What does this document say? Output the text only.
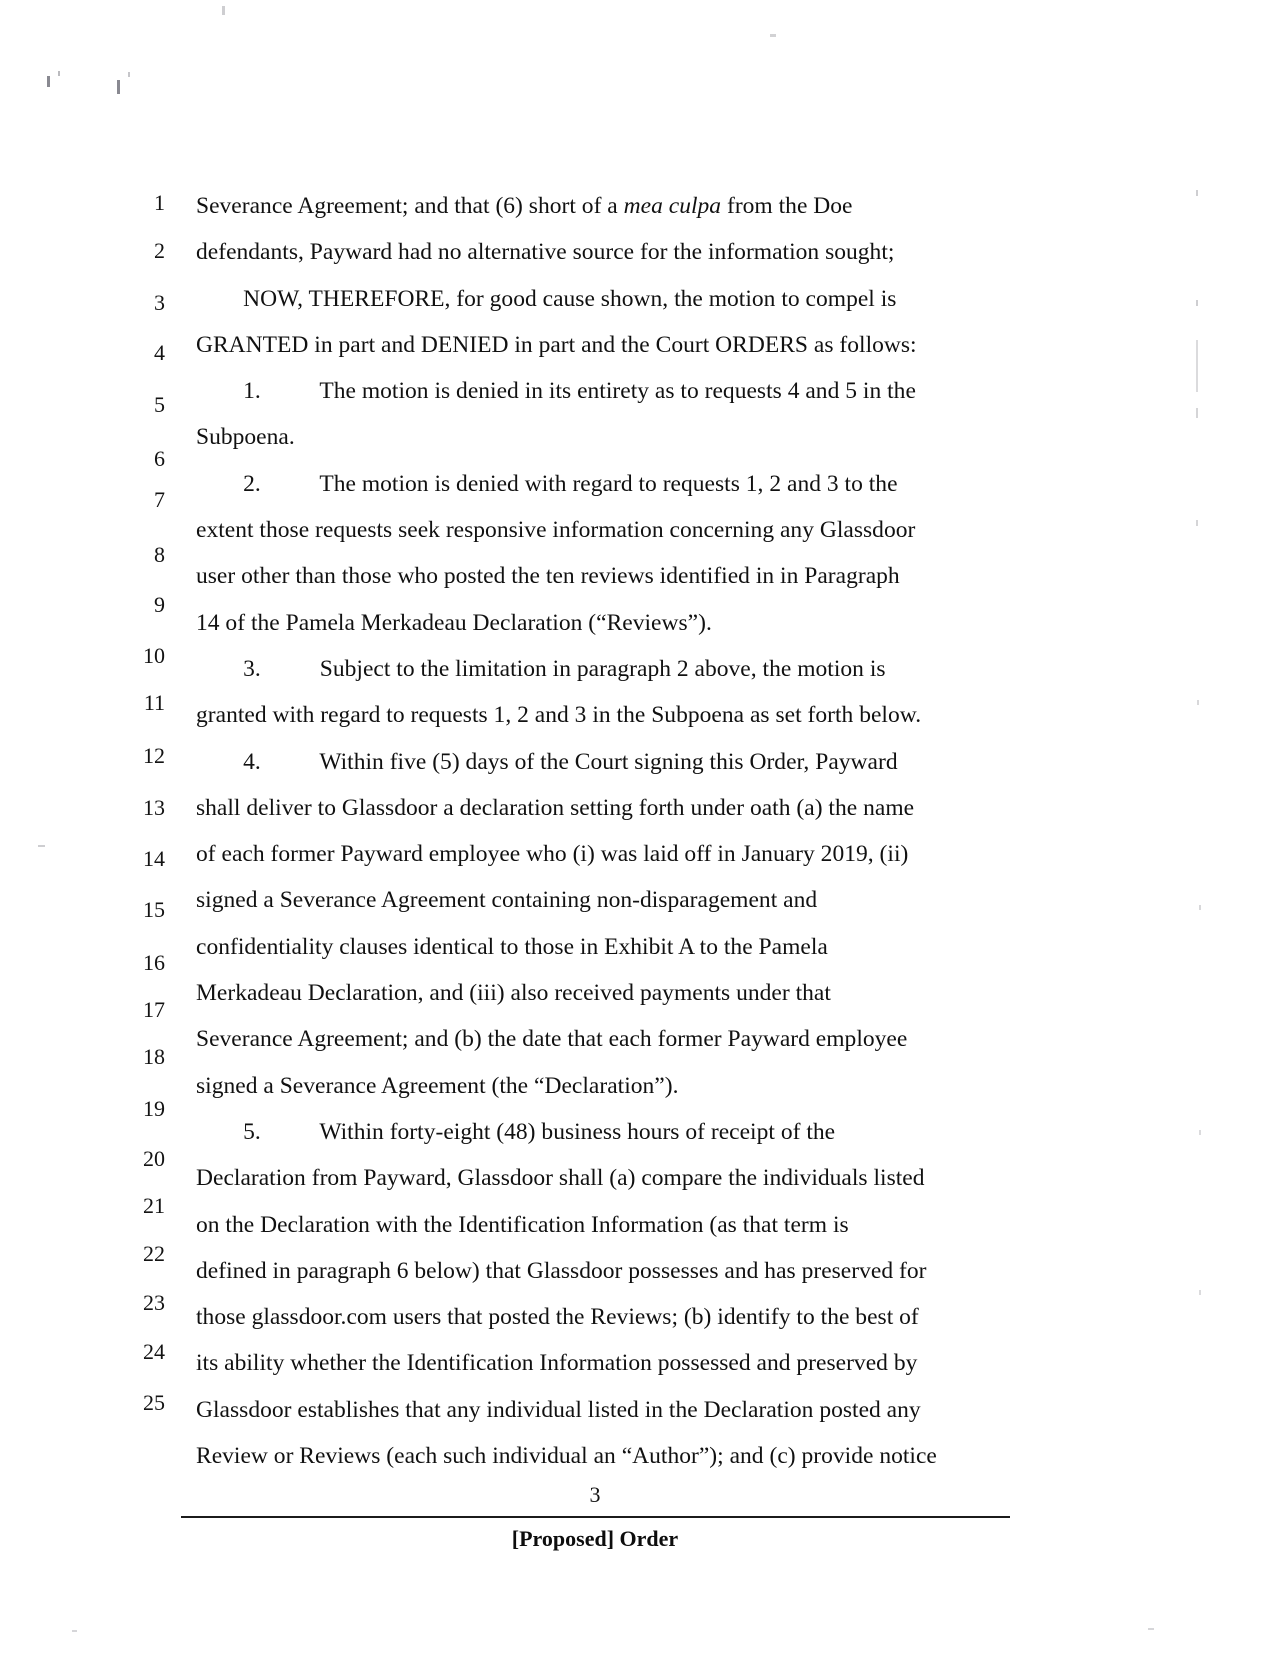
1
2
3
4
5
6
7
8
9
10
11
12
13
14
15
16
17
18
19
20
21
22
23
24
25
Severance Agreement; and that (6) short of a mea culpa from the Doe
defendants, Payward had no alternative source for the information sought;
NOW, THEREFORE, for good cause shown, the motion to compel is
GRANTED in part and DENIED in part and the Court ORDERS as follows:
1.          The motion is denied in its entirety as to requests 4 and 5 in the
Subpoena.
2.          The motion is denied with regard to requests 1, 2 and 3 to the
extent those requests seek responsive information concerning any Glassdoor
user other than those who posted the ten reviews identified in in Paragraph
14 of the Pamela Merkadeau Declaration (“Reviews”).
3.          Subject to the limitation in paragraph 2 above, the motion is
granted with regard to requests 1, 2 and 3 in the Subpoena as set forth below.
4.          Within five (5) days of the Court signing this Order, Payward
shall deliver to Glassdoor a declaration setting forth under oath (a) the name
of each former Payward employee who (i) was laid off in January 2019, (ii)
signed a Severance Agreement containing non-disparagement and
confidentiality clauses identical to those in Exhibit A to the Pamela
Merkadeau Declaration, and (iii) also received payments under that
Severance Agreement; and (b) the date that each former Payward employee
signed a Severance Agreement (the “Declaration”).
5.          Within forty-eight (48) business hours of receipt of the
Declaration from Payward, Glassdoor shall (a) compare the individuals listed
on the Declaration with the Identification Information (as that term is
defined in paragraph 6 below) that Glassdoor possesses and has preserved for
those glassdoor.com users that posted the Reviews; (b) identify to the best of
its ability whether the Identification Information possessed and preserved by
Glassdoor establishes that any individual listed in the Declaration posted any
Review or Reviews (each such individual an “Author”); and (c) provide notice
3
[Proposed] Order
